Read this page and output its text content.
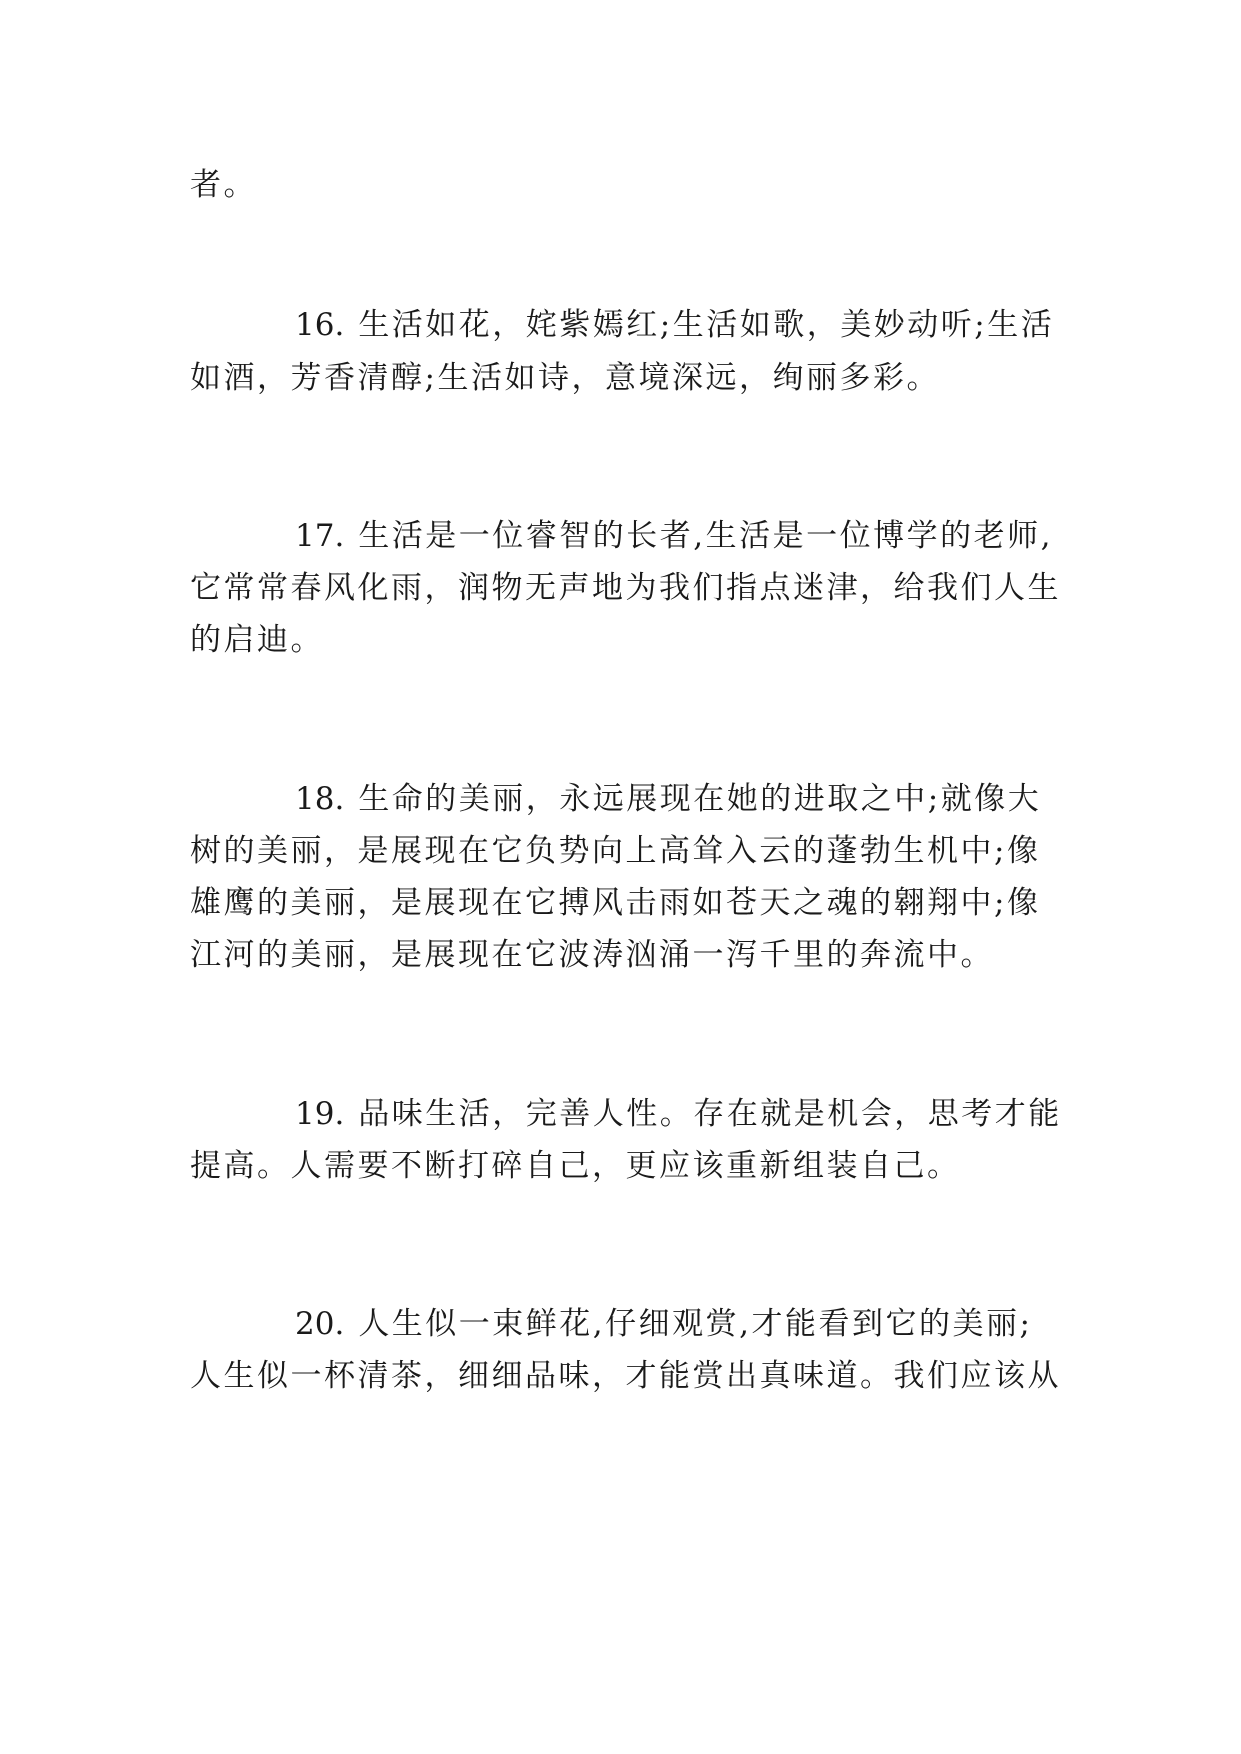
者。
16. 生活如花，姹紫嫣红;生活如歌，美妙动听;生活
如酒，芳香清醇;生活如诗，意境深远，绚丽多彩。
17. 生活是一位睿智的长者,生活是一位博学的老师,
它常常春风化雨，润物无声地为我们指点迷津，给我们人生
的启迪。
18. 生命的美丽，永远展现在她的进取之中;就像大
树的美丽，是展现在它负势向上高耸入云的蓬勃生机中;像
雄鹰的美丽，是展现在它搏风击雨如苍天之魂的翱翔中;像
江河的美丽，是展现在它波涛汹涌一泻千里的奔流中。
19. 品味生活，完善人性。存在就是机会，思考才能
提高。人需要不断打碎自己，更应该重新组装自己。
20. 人生似一束鲜花,仔细观赏,才能看到它的美丽;
人生似一杯清茶，细细品味，才能赏出真味道。我们应该从
